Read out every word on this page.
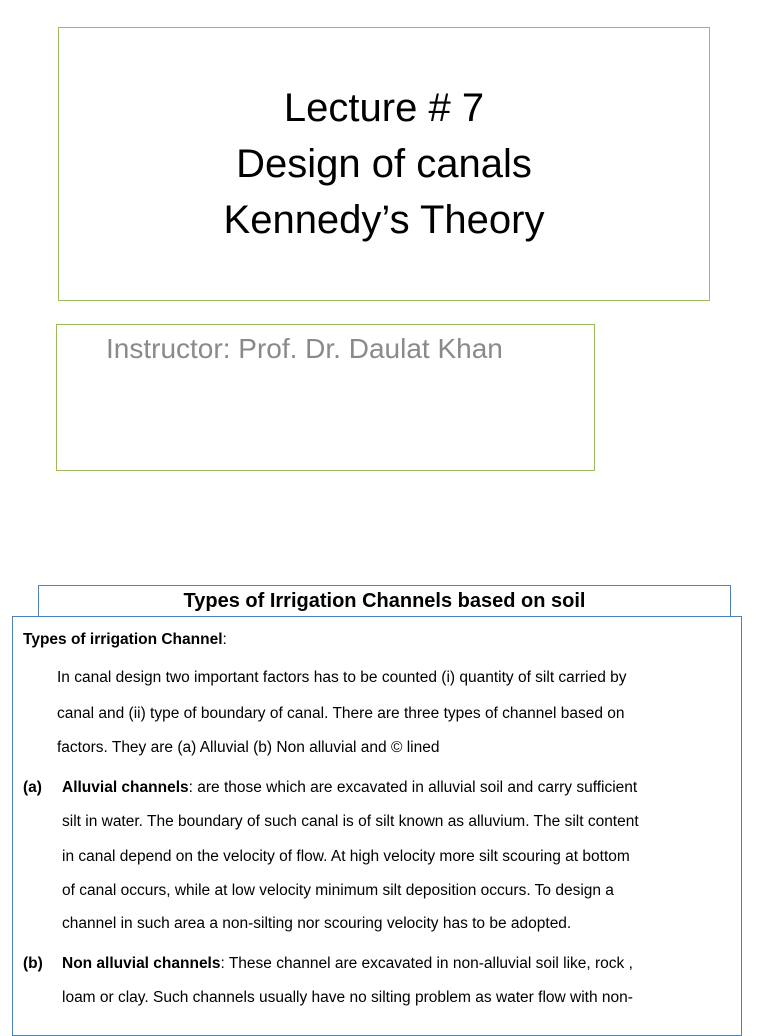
Lecture # 7
Design of canals
Kennedy’s Theory
Instructor: Prof. Dr. Daulat Khan
Types of Irrigation Channels based on soil
Types of irrigation Channel:
In canal design two important factors has to be counted (i) quantity of silt carried by
canal and (ii) type of boundary of canal. There are three types of channel based on
factors. They are (a) Alluvial (b) Non alluvial and © lined
(a) Alluvial channels: are those which are excavated in alluvial soil and carry sufficient
silt in water. The boundary of such canal is of silt known as alluvium. The silt content
in canal depend on the velocity of flow. At high velocity more silt scouring at bottom
of canal occurs, while at low velocity minimum silt deposition occurs. To design a
channel in such area a non-silting nor scouring velocity has to be adopted.
(b) Non alluvial channels: These channel are excavated in non-alluvial soil like, rock ,
loam or clay. Such channels usually have no silting problem as water flow with non-
